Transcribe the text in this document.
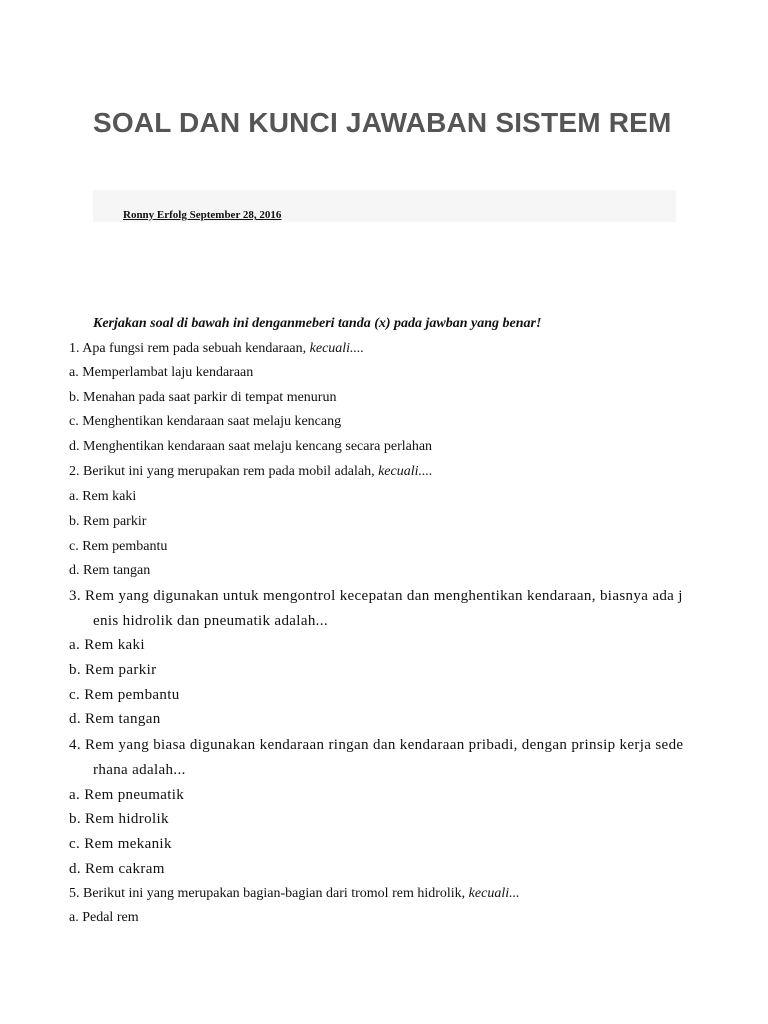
SOAL DAN KUNCI JAWABAN SISTEM REM
Ronny Erfolg September 28, 2016

Kerjakan soal di bawah ini denganmeberi tanda (x) pada jawban yang benar!

1. Apa fungsi rem pada sebuah kendaraan, kecuali....

a. Memperlambat laju kendaraan

b. Menahan pada saat parkir di tempat menurun

c. Menghentikan kendaraan saat melaju kencang

d. Menghentikan kendaraan saat melaju kencang secara perlahan

2. Berikut ini yang merupakan rem pada mobil adalah, kecuali....

a. Rem kaki

b. Rem parkir

c. Rem pembantu

d. Rem tangan

3. Rem yang digunakan untuk mengontrol kecepatan dan menghentikan kendaraan, biasnya ada j

enis hidrolik dan pneumatik adalah...

a. Rem kaki

b. Rem parkir

c. Rem pembantu

d. Rem tangan

4. Rem yang biasa digunakan kendaraan ringan dan kendaraan pribadi, dengan prinsip kerja sede

rhana adalah...

a. Rem pneumatik

b. Rem hidrolik

c. Rem mekanik

d. Rem cakram

5. Berikut ini yang merupakan bagian-bagian dari tromol rem hidrolik, kecuali...

a. Pedal rem
